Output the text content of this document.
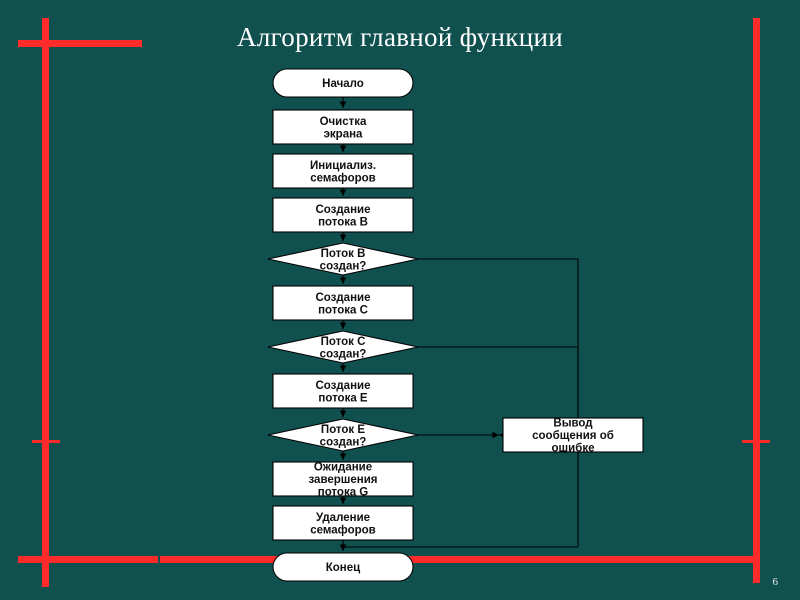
Алгоритм главной функции
Начало
Очистка экрана
Инициализ. семафоров
Создание потока B
Поток B создан?
Создание потока C
Поток C создан?
Создание потока E
Поток E создан?
Ожидание завершения потока G
Удаление семафоров
Конец
Вывод сообщения об ошибке
6
